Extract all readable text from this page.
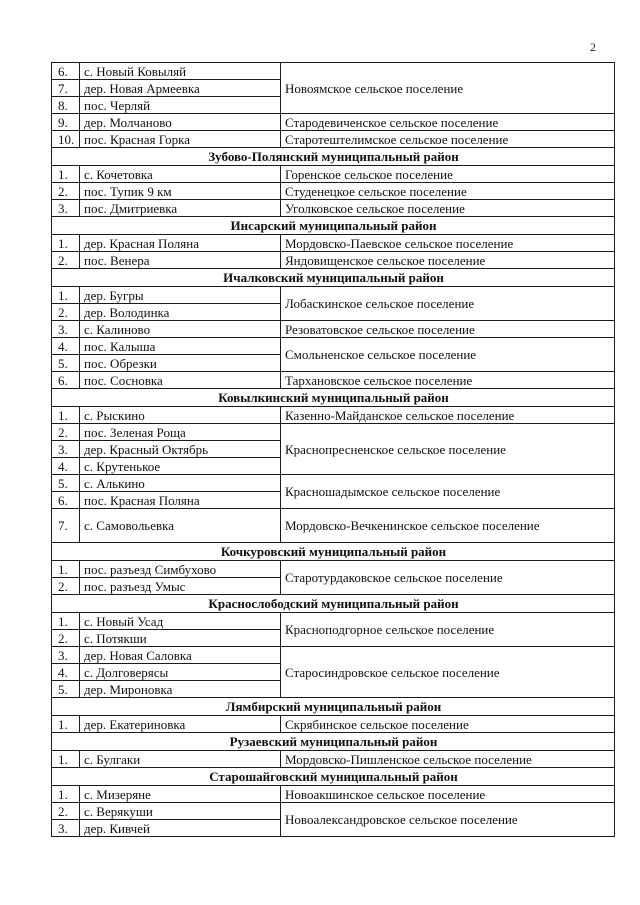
2
6.	с. Новый Ковыляй	Новоямское сельское поселение
7.	дер. Новая Армеевка	
8.	пос. Черляй	
9.	дер. Молчаново	Стародевиченское сельское поселение
10.	пос. Красная Горка	Старотештелимское сельское поселение
Зубово-Полянский муниципальный район		
1.	с. Кочетовка	Горенское сельское поселение
2.	пос. Тупик 9 км	Студенецкое сельское поселение
3.	пос. Дмитриевка	Уголковское сельское поселение
Инсарский муниципальный район		
1.	дер. Красная Поляна	Мордовско-Паевское сельское поселение
2.	пос. Венера	Яндовищенское сельское поселение
Ичалковский муниципальный район		
1.	дер. Бугры	Лобаскинское сельское поселение
2.	дер. Володинка	
3.	с. Калиново	Резоватовское сельское поселение
4.	пос. Калыша	Смольненское сельское поселение
5.	пос. Обрезки	
6.	пос. Сосновка	Тархановское сельское поселение
Ковылкинский муниципальный район		
1.	с. Рыскино	Казенно-Майданское сельское поселение
2.	пос. Зеленая Роща	Краснопресненское сельское поселение
3.	дер. Красный Октябрь	
4.	с. Крутенькое	
5.	с. Алькино	Красношадымское сельское поселение
6.	пос. Красная Поляна	
7.	с. Самовольевка	Мордовско-Вечкенинское сельское поселение
Кочкуровский муниципальный район		
1.	пос. разъезд Симбухово	Старотурдаковское сельское поселение
2.	пос. разъезд Умыс	
Краснослободский муниципальный район		
1.	с. Новый Усад	Краснoподгорное сельское поселение
2.	с. Потякши	
3.	дер. Новая Саловка	Старосиндровское сельское поселение
4.	с. Долговерясы	
5.	дер. Мироновка	
Лямбирский муниципальный район		
1.	дер. Екатериновка	Скрябинское сельское поселение
Рузаевский муниципальный район		
1.	с. Булгаки	Мордовско-Пишленское сельское поселение
Старошайговский муниципальный район		
1.	с. Мизеряне	Новоакшинское сельское поселение
2.	с. Верякуши	Новоалександровское сельское поселение
3.	дер. Кивчей	
